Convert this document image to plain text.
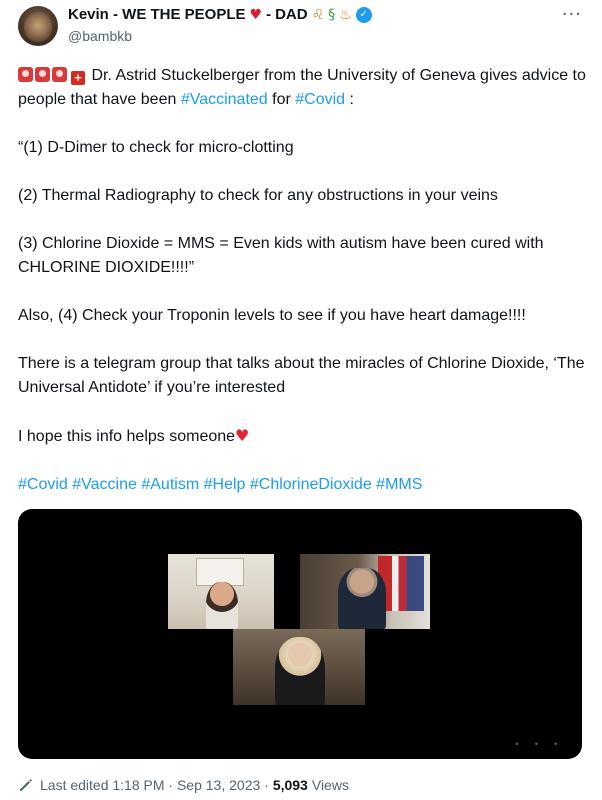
Kevin - WE THE PEOPLE ♥ - DAD ♌ § ♨ ✓
@bambkb
···

+ Dr. Astrid Stuckelberger from the University of Geneva gives advice to people that have been #Vaccinated for #Covid :

“(1) D-Dimer to check for micro-clotting

(2) Thermal Radiography to check for any obstructions in your veins

(3) Chlorine Dioxide = MMS = Even kids with autism have been cured with CHLORINE DIOXIDE!!!!”

Also, (4) Check your Troponin levels to see if you have heart damage!!!!

There is a telegram group that talks about the miracles of Chlorine Dioxide, ‘The Universal Antidote’ if you’re interested

I hope this info helps someone♥

#Covid #Vaccine #Autism #Help #ChlorineDioxide #MMS

• • •
Last edited 1:18 PM · Sep 13, 2023 · 5,093 Views
